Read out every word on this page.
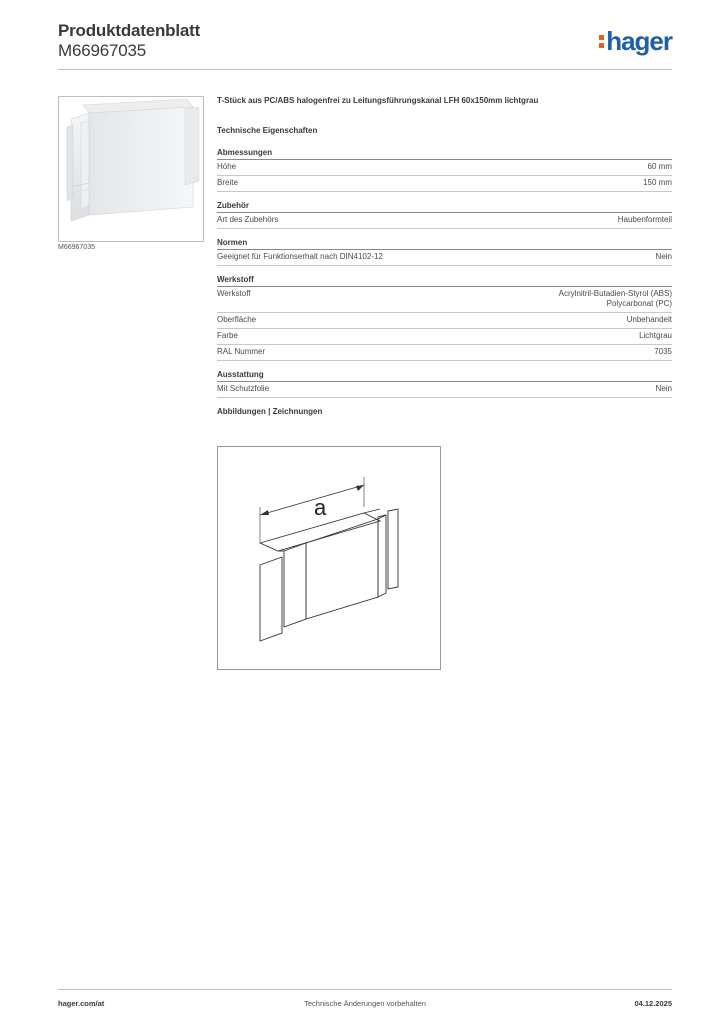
Produktdatenblatt
M66967035	hager
M66967035
T-Stück aus PC/ABS halogenfrei zu Leitungsführungskanal LFH 60x150mm lichtgrau
Technische Eigenschaften
Abmessungen
Höhe	60 mm
Breite	150 mm
Zubehör
Art des Zubehörs	Haubenformteil
Normen
Geeignet für Funktionserhalt nach DIN4102-12	Nein
Werkstoff
Werkstoff	Acrylnitril-Butadien-Styrol (ABS)
Polycarbonat (PC)
Oberfläche	Unbehandelt
Farbe	Lichtgrau
RAL Nummer	7035
Ausstattung
Mit Schutzfolie	Nein
Abbildungen | Zeichnungen
a
hager.com/at	Technische Änderungen vorbehalten	04.12.2025
